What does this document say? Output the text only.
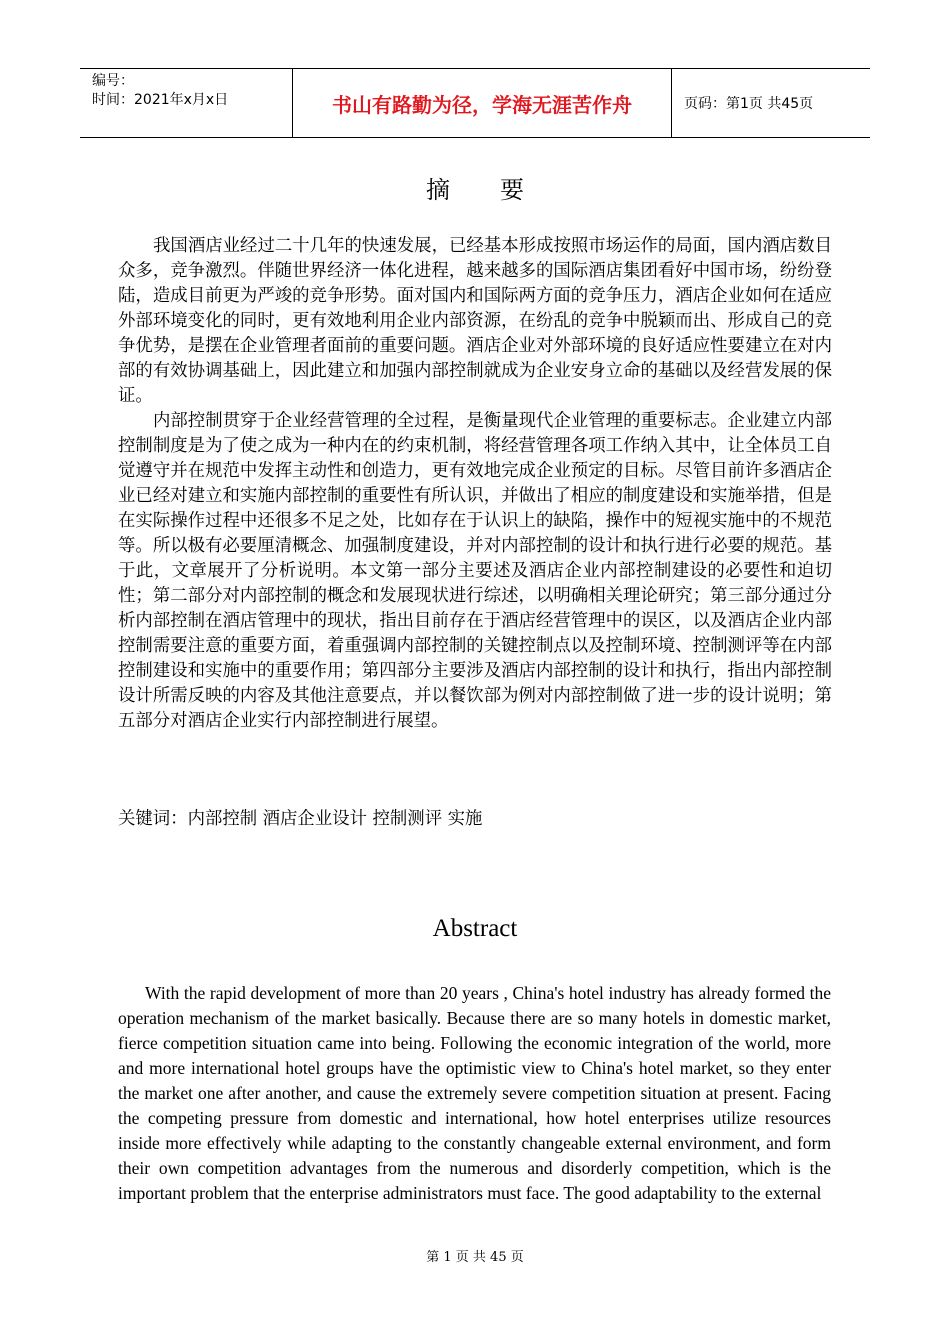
编号：
时间：2021年x月x日	书山有路勤为径，学海无涯苦作舟	页码：第1页 共45页
摘要

我国酒店业经过二十几年的快速发展，已经基本形成按照市场运作的局面，国内酒店数目众多，竞争激烈。伴随世界经济一体化进程，越来越多的国际酒店集团看好中国市场，纷纷登陆，造成目前更为严竣的竞争形势。面对国内和国际两方面的竞争压力，酒店企业如何在适应外部环境变化的同时，更有效地利用企业内部资源，在纷乱的竞争中脱颖而出、形成自己的竞争优势，是摆在企业管理者面前的重要问题。酒店企业对外部环境的良好适应性要建立在对内部的有效协调基础上，因此建立和加强内部控制就成为企业安身立命的基础以及经营发展的保证。

内部控制贯穿于企业经营管理的全过程，是衡量现代企业管理的重要标志。企业建立内部控制制度是为了使之成为一种内在的约束机制，将经营管理各项工作纳入其中，让全体员工自觉遵守并在规范中发挥主动性和创造力，更有效地完成企业预定的目标。尽管目前许多酒店企业已经对建立和实施内部控制的重要性有所认识，并做出了相应的制度建设和实施举措，但是在实际操作过程中还很多不足之处，比如存在于认识上的缺陷，操作中的短视实施中的不规范等。所以极有必要厘清概念、加强制度建设，并对内部控制的设计和执行进行必要的规范。基于此，文章展开了分析说明。本文第一部分主要述及酒店企业内部控制建设的必要性和迫切性；第二部分对内部控制的概念和发展现状进行综述，以明确相关理论研究；第三部分通过分析内部控制在酒店管理中的现状，指出目前存在于酒店经营管理中的误区，以及酒店企业内部控制需要注意的重要方面，着重强调内部控制的关键控制点以及控制环境、控制测评等在内部控制建设和实施中的重要作用；第四部分主要涉及酒店内部控制的设计和执行，指出内部控制设计所需反映的内容及其他注意要点，并以餐饮部为例对内部控制做了进一步的设计说明；第五部分对酒店企业实行内部控制进行展望。

关键词：内部控制 酒店企业设计 控制测评 实施
Abstract

With the rapid development of more than 20 years , China's hotel industry has already formed the operation mechanism of the market basically. Because there are so many hotels in domestic market, fierce competition situation came into being. Following the economic integration of the world, more and more international hotel groups have the optimistic view to China's hotel market, so they enter the market one after another, and cause the extremely severe competition situation at present. Facing the competing pressure from domestic and international, how hotel enterprises utilize resources inside more effectively while adapting to the constantly changeable external environment, and form their own competition advantages from the numerous and disorderly competition, which is the important problem that the enterprise administrators must face. The good adaptability to the external

第 1 页 共 45 页
